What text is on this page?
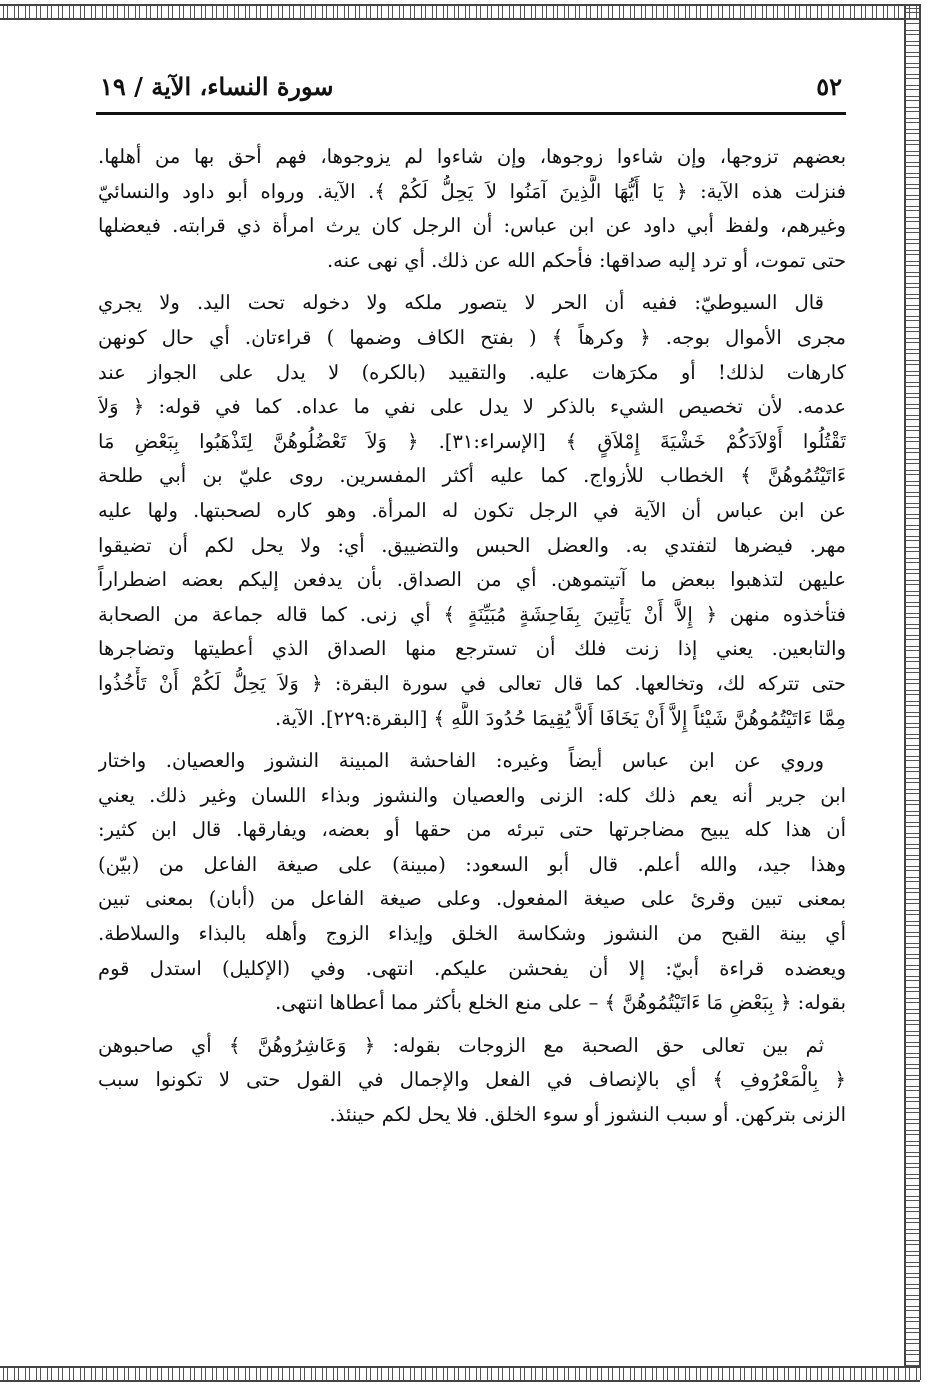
٥٢
سورة النساء، الآية / ١٩

بعضهم تزوجها، وإن شاءوا زوجوها، وإن شاءوا لم يزوجوها، فهم أحق بها من أهلها.
فنزلت هذه الآية: ﴿ يَا أَيُّهَا الَّذِينَ آمَنُوا لاَ يَحِلُّ لَكُمْ ﴾. الآية. ورواه أبو داود والنسائيّ
وغيرهم، ولفظ أبي داود عن ابن عباس: أن الرجل كان يرث امرأة ذي قرابته. فيعضلها
حتى تموت، أو ترد إليه صداقها: فأحكم الله عن ذلك. أي نهى عنه.

قال السيوطيّ: ففيه أن الحر لا يتصور ملكه ولا دخوله تحت اليد. ولا يجري
مجرى الأموال بوجه. ﴿ وكرهاً ﴾ ( بفتح الكاف وضمها ) قراءتان. أي حال كونهن
كارهات لذلك! أو مكرَهات عليه. والتقييد (بالكره) لا يدل على الجواز عند
عدمه. لأن تخصيص الشيء بالذكر لا يدل على نفي ما عداه. كما في قوله: ﴿ وَلاَ
تَقْتُلُوا أَوْلاَدَكُمْ خَشْيَةَ إِمْلاَقٍ ﴾ [الإسراء:٣١]. ﴿ وَلاَ تَعْضُلُوهُنَّ لِتَذْهَبُوا بِبَعْضِ مَا
ءَاتَيْتُمُوهُنَّ ﴾ الخطاب للأزواج. كما عليه أكثر المفسرين. روى عليّ بن أبي طلحة
عن ابن عباس أن الآية في الرجل تكون له المرأة. وهو كاره لصحبتها. ولها عليه
مهر. فيضرها لتفتدي به. والعضل الحبس والتضييق. أي: ولا يحل لكم أن تضيقوا
عليهن لتذهبوا ببعض ما آتيتموهن. أي من الصداق. بأن يدفعن إليكم بعضه اضطراراً
فتأخذوه منهن ﴿ إِلاَّ أَنْ يَأْتِينَ بِفَاحِشَةٍ مُبَيِّنَةٍ ﴾ أي زنى. كما قاله جماعة من الصحابة
والتابعين. يعني إذا زنت فلك أن تسترجع منها الصداق الذي أعطيتها وتضاجرها
حتى تتركه لك، وتخالعها. كما قال تعالى في سورة البقرة: ﴿ وَلاَ يَحِلُّ لَكُمْ أَنْ تَأْخُذُوا
مِمَّا ءَاتَيْتُمُوهُنَّ شَيْئاً إِلاَّ أَنْ يَخَافَا أَلاَّ يُقِيمَا حُدُودَ اللَّهِ ﴾ [البقرة:٢٢٩]. الآية.

وروي عن ابن عباس أيضاً وغيره: الفاحشة المبينة النشوز والعصيان. واختار
ابن جرير أنه يعم ذلك كله: الزنى والعصيان والنشوز وبذاء اللسان وغير ذلك. يعني
أن هذا كله يبيح مضاجرتها حتى تبرئه من حقها أو بعضه، ويفارقها. قال ابن كثير:
وهذا جيد، والله أعلم. قال أبو السعود: (مبينة) على صيغة الفاعل من (بيّن)
بمعنى تبين وقرئ على صيغة المفعول. وعلى صيغة الفاعل من (أبان) بمعنى تبين
أي بينة القبح من النشوز وشكاسة الخلق وإيذاء الزوج وأهله بالبذاء والسلاطة.
ويعضده قراءة أبيّ: إلا أن يفحشن عليكم. انتهى. وفي (الإكليل) استدل قوم
بقوله: ﴿ بِبَعْضِ مَا ءَاتَيْتُمُوهُنَّ ﴾ – على منع الخلع بأكثر مما أعطاها انتهى.

ثم بين تعالى حق الصحبة مع الزوجات بقوله: ﴿ وَعَاشِرُوهُنَّ ﴾ أي صاحبوهن
﴿ بِالْمَعْرُوفِ ﴾ أي بالإنصاف في الفعل والإجمال في القول حتى لا تكونوا سبب
الزنى بتركهن. أو سبب النشوز أو سوء الخلق. فلا يحل لكم حينئذ.
